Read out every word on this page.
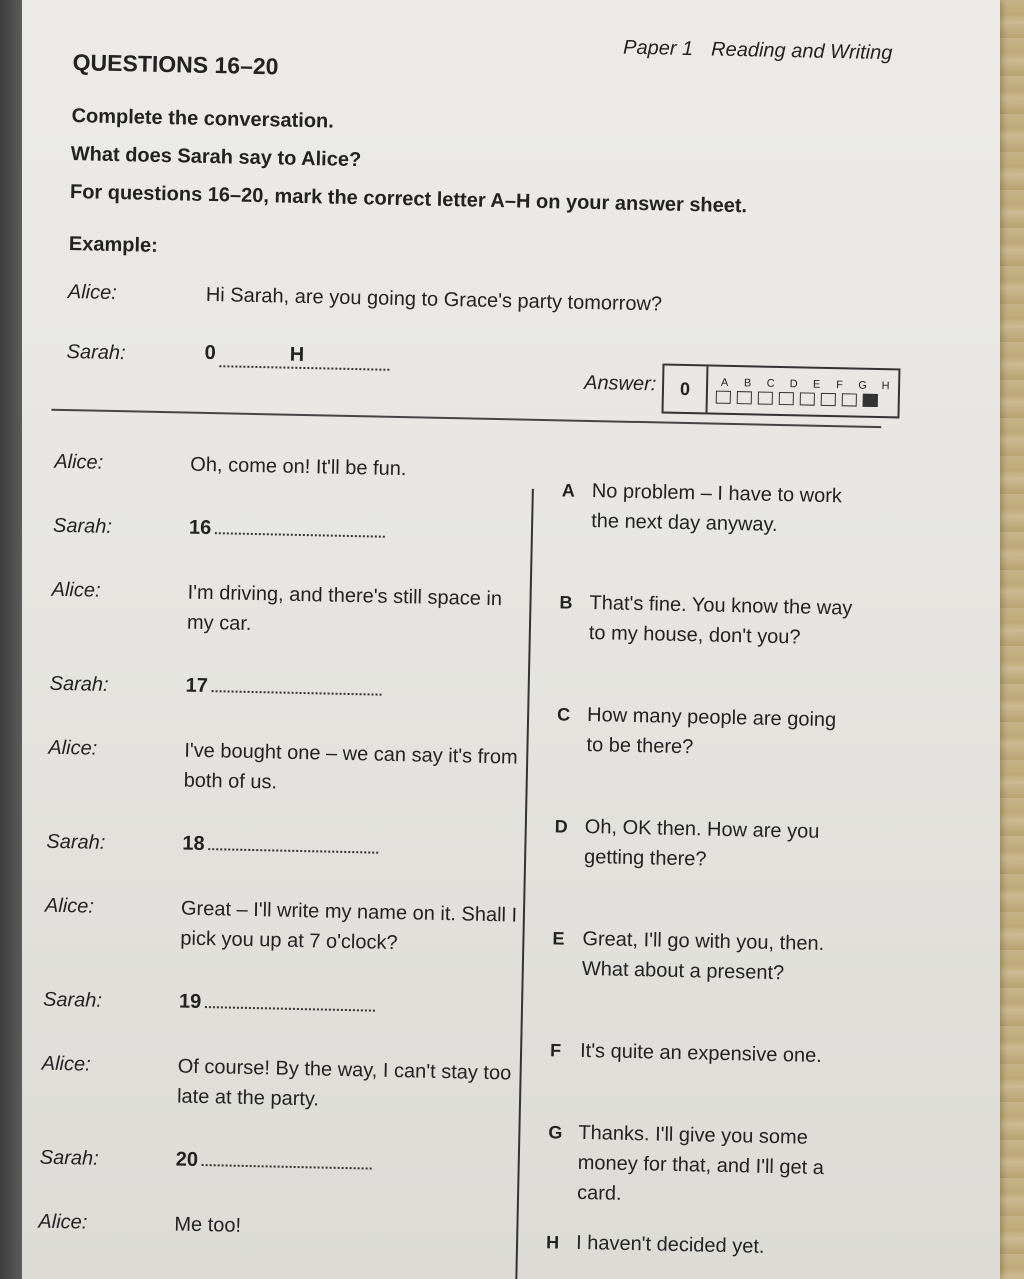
Paper 1 Reading and Writing
QUESTIONS 16–20
Complete the conversation.
What does Sarah say to Alice?
For questions 16–20, mark the correct letter A–H on your answer sheet.
Example:
Alice:	Hi Sarah, are you going to Grace's party tomorrow?
Sarah:	0	H
Answer:	0	A	B	C	D	E	F	G	H
Alice:	Oh, come on! It'll be fun.
Sarah:	16
Alice:	I'm driving, and there's still space in my car.
Sarah:	17
Alice:	I've bought one – we can say it's from both of us.
Sarah:	18
Alice:	Great – I'll write my name on it. Shall I pick you up at 7 o'clock?
Sarah:	19
Alice:	Of course! By the way, I can't stay too late at the party.
Sarah:	20
Alice:	Me too!
A No problem – I have to work the next day anyway.
B That's fine. You know the way to my house, don't you?
C How many people are going to be there?
D Oh, OK then. How are you getting there?
E Great, I'll go with you, then. What about a present?
F It's quite an expensive one.
G Thanks. I'll give you some money for that, and I'll get a card.
H I haven't decided yet.
